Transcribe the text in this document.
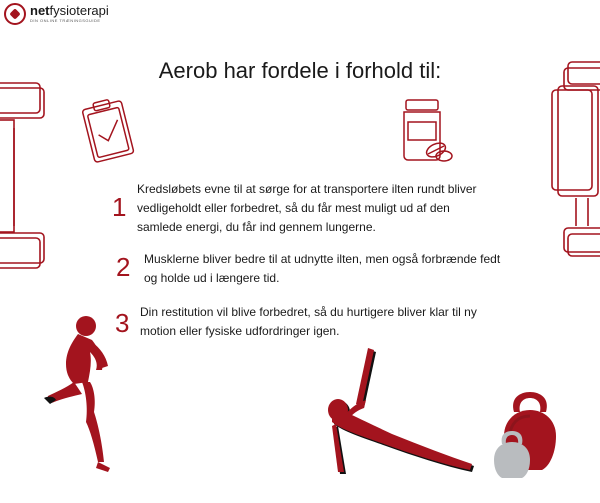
netfysioterapi
DIN ONLINE TRÆNINGSGUIDE
Aerob har fordele i forhold til:
1
Kredsløbets evne til at sørge for at transportere ilten rundt bliver vedligeholdt eller forbedret, så du får mest muligt ud af den samlede energi, du får ind gennem lungerne.
2 Musklerne bliver bedre til at udnytte ilten, men også forbrænde fedt og holde ud i længere tid.
3 Din restitution vil blive forbedret, så du hurtigere bliver klar til ny motion eller fysiske udfordringer igen.
